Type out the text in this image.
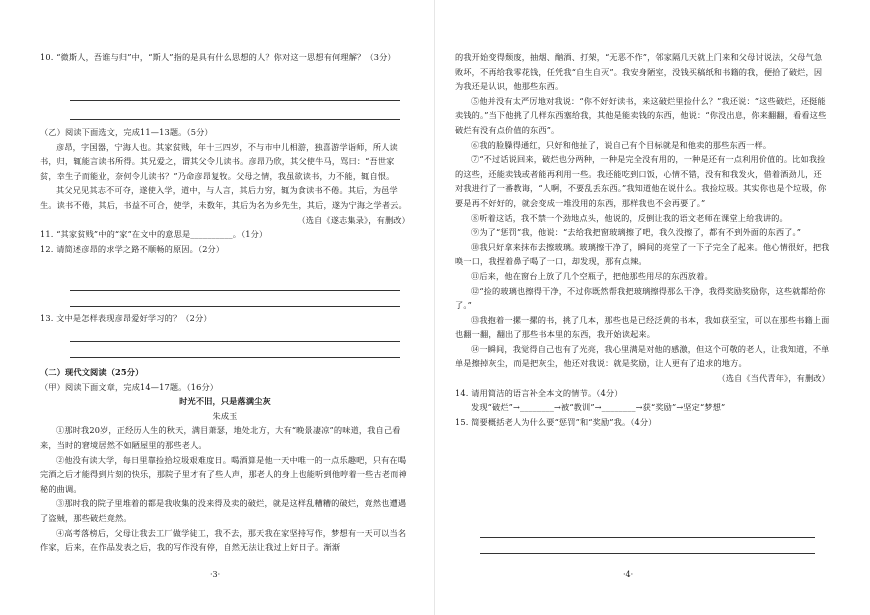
10. “微斯人，吾谁与归”中，“斯人”指的是具有什么思想的人？你对这一思想有何理解？（3分）

（乙）阅读下面选文，完成11—13题。（5分）

彦昂，字国器，宁海人也。其家贫贱，年十三四岁，不与市中儿相游，独喜游学诣师，所人读书，归，辄能言读书所得。其兄爱之，谓其父令儿读书。彦昂乃欣，其父使牛马，骂曰：“吾世家贫，幸生子而能业，奈何令儿读书？”乃命彦昂复牧。父母之情，我虽欲读书，力不能，辄自恨。

其父兄见其志不可夺，遂使入学，道中，与人言，其后力穷，辄为食读书不倦。其后，为邑学生。读书不倦，其后，书益不可合，使学，未数年，其后为名为乡先生，其后，遂为宁海之学者云。

（选自《遂志集录》，有删改）

11. “其家贫贱”中的“家”在文中的意思是__________。（1分）

12. 请简述彦昂的求学之路不顺畅的原因。（2分）

13. 文中是怎样表现彦昂爱好学习的？（2分）

（二）现代文阅读（25分）

（甲）阅读下面文章，完成14—17题。（16分）

时光不旧，只是落满尘灰

朱成玉

①那时我20岁，正经历人生的秋天，满目萧瑟，地处北方，大有“晚景凄凉”的味道，我自己看来，当时的窘境居然不如陋屋里的那些老人。

②他没有读大学，每日里靠捡拾垃圾艰难度日。喝酒算是他一天中唯一的一点乐趣吧，只有在喝完酒之后才能得到片刻的快乐，那院子里才有了些人声，那老人的身上也能听到他哼着一些古老而神秘的曲调。

③那时我的院子里堆着的都是我收集的没来得及卖的破烂，就是这样乱糟糟的破烂，竟然也遭遇了盗贼，那些破烂竟然。

④高考落榜后，父母让我去工厂做学徒工，我不去，那天我在家坚持写作，梦想有一天可以当名作家，后来，在作品发表之后，我的写作没有停，自然无法让我过上好日子。渐渐

·3·

的我开始变得颓废，抽烟、酗酒、打架，“无恶不作”，邻家隔几天就上门来和父母讨说法，父母气急败坏，不再给我零花钱，任凭我“自生自灭”。我安身陋室，没钱买稿纸和书籍的我，便拾了破烂，因为我还是认识，他那些东西。

⑤他并没有太严厉地对我说：“你不好好读书，来这破烂里捡什么？”我还说：“这些破烂，还挺能卖钱的。”当下他挑了几样东西塞给我，其他是能卖钱的东西，他说：“你没出息，你来翻翻，看看这些破烂有没有点价值的东西”。

⑥我的脸臊得通红，只好和他扯了，说自己有个目标就是和他卖的那些东西一样。

⑦“不过话说回来，破烂也分两种，一种是完全没有用的，一种是还有一点利用价值的。比如我捡的这些，还能卖钱或者能再利用一些。我还能吃到口饭，心情不错，没有和我发火，借着酒劲儿，还对我进行了一番教诲，“人啊，不要乱丢东西。”我知道他在说什么。我捡垃圾。其实你也是个垃圾，你要是再不好好的，就会变成一堆没用的东西，那样我也不会再要了。”

⑧听着这话，我不禁一个劲地点头，他说的，反倒让我的语文老师在课堂上给我讲的。

⑨为了“惩罚”我，他说：“去给我把窗玻璃擦了吧，我久没擦了，都有不到外面的东西了。”

⑩我只好拿来抹布去擦玻璃。玻璃擦干净了，瞬间的亮堂了一下子完全了起来。他心情很好，把我唤一口，我捏着鼻子喝了一口，却发现，那有点辣。

⑪后来，他在窗台上放了几个空瓶子，把他那些用尽的东西放着。

⑫“捡的玻璃也擦得干净，不过你既然帮我把玻璃擦得那么干净，我得奖励奖励你，这些就都给你了。”

⑬我抱着一摞一摞的书，挑了几本，那些也是已经泛黄的书本，我如获至宝，可以在那些书籍上面也翻一翻，翻出了那些书本里的东西，我开始读起来。

⑭一瞬间，我觉得自己也有了光亮，我心里满是对他的感激，但这个可敬的老人，让我知道，不单单是擦掉灰尘，而是把灰尘，他还对我说：就是奖励，让人更有了追求的地方。

（选自《当代青年》，有删改）

14. 请用简洁的语言补全本文的情节。（4分）

发现“破烂”→________→被“教训”→________→获“奖励”→坚定“梦想”

15. 简要概括老人为什么要“惩罚”和“奖励”我。（4分）

·4·
